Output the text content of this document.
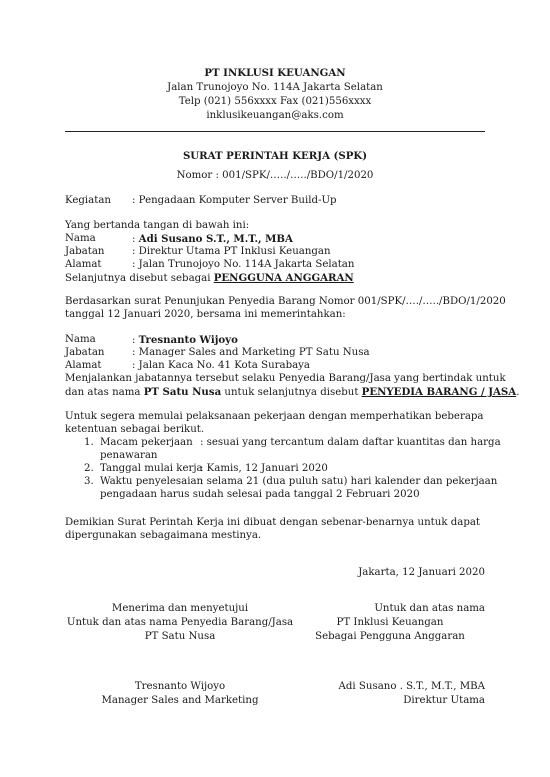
PT INKLUSI KEUANGAN
Jalan Trunojoyo No. 114A Jakarta Selatan
Telp (021) 556xxxx Fax (021)556xxxx
inklusikeuangan@aks.com
SURAT PERINTAH KERJA (SPK)
Nomor : 001/SPK/…../…../BDO/1/2020
Kegiatan : Pengadaan Komputer Server Build-Up
Yang bertanda tangan di bawah ini:
Nama	: Adi Susano S.T., M.T., MBA
Jabatan	: Direktur Utama PT Inklusi Keuangan
Alamat	: Jalan Trunojoyo No. 114A Jakarta Selatan
Selanjutnya disebut sebagai PENGGUNA ANGGARAN
Berdasarkan surat Penunjukan Penyedia Barang Nomor 001/SPK/…./…../BDO/1/2020
tanggal 12 Januari 2020, bersama ini memerintahkan:
Nama	: Tresnanto Wijoyo
Jabatan	: Manager Sales and Marketing PT Satu Nusa
Alamat	: Jalan Kaca No. 41 Kota Surabaya
Menjalankan jabatannya tersebut selaku Penyedia Barang/Jasa yang bertindak untuk
dan atas nama PT Satu Nusa untuk selanjutnya disebut PENYEDIA BARANG / JASA.
Untuk segera memulai pelaksanaan pekerjaan dengan memperhatikan beberapa
ketentuan sebagai berikut.
1. Macam pekerjaan : sesuai yang tercantum dalam daftar kuantitas dan harga
penawaran
2. Tanggal mulai kerja
: Kamis, 12 Januari 2020
3. Waktu penyelesaian
: selama 21 (dua puluh satu) hari kalender dan pekerjaan
pengadaan harus sudah selesai pada tanggal 2 Februari 2020
Demikian Surat Perintah Kerja ini dibuat dengan sebenar-benarnya untuk dapat
dipergunakan sebagaimana mestinya.
Jakarta, 12 Januari 2020
Menerima dan menyetujui
Untuk dan atas nama Penyedia Barang/Jasa
PT Satu Nusa
Tresnanto Wijoyo
Manager Sales and Marketing
Untuk dan atas nama
PT Inklusi Keuangan
Sebagai Pengguna Anggaran
Adi Susano . S.T., M.T., MBA
Direktur Utama
